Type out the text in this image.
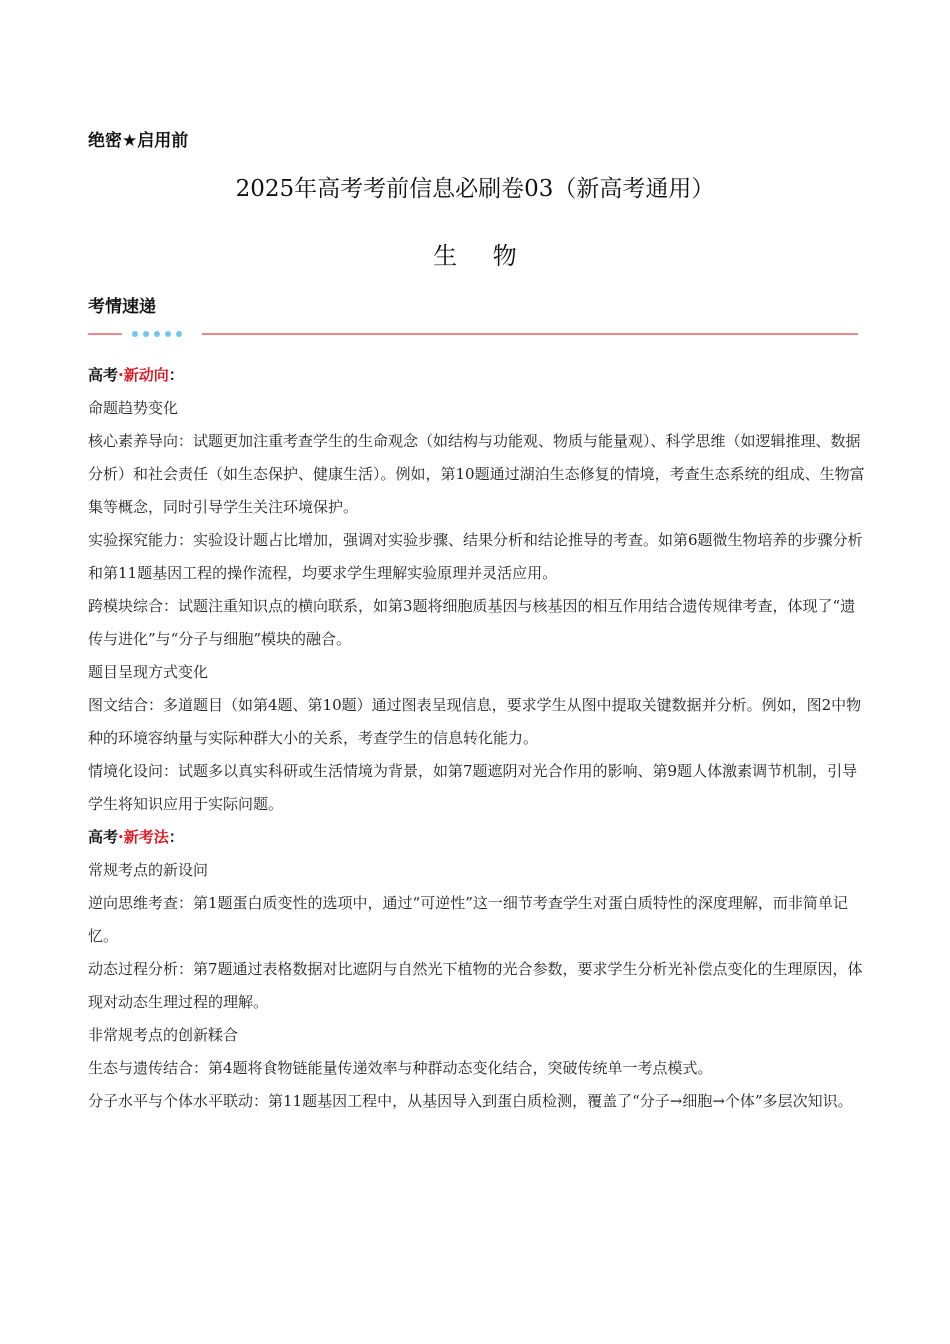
绝密★启用前
2025年高考考前信息必刷卷03（新高考通用）
生 物
考情速递

高考·新动向：

命题趋势变化

核心素养导向：试题更加注重考查学生的生命观念（如结构与功能观、物质与能量观）、科学思维（如逻辑推理、数据分析）和社会责任（如生态保护、健康生活）。例如，第10题通过湖泊生态修复的情境，考查生态系统的组成、生物富集等概念，同时引导学生关注环境保护。

实验探究能力：实验设计题占比增加，强调对实验步骤、结果分析和结论推导的考查。如第6题微生物培养的步骤分析和第11题基因工程的操作流程，均要求学生理解实验原理并灵活应用。

跨模块综合：试题注重知识点的横向联系，如第3题将细胞质基因与核基因的相互作用结合遗传规律考查，体现了“遗传与进化”与“分子与细胞”模块的融合。

题目呈现方式变化

图文结合：多道题目（如第4题、第10题）通过图表呈现信息，要求学生从图中提取关键数据并分析。例如，图2中物种的环境容纳量与实际种群大小的关系，考查学生的信息转化能力。

情境化设问：试题多以真实科研或生活情境为背景，如第7题遮阴对光合作用的影响、第9题人体激素调节机制，引导学生将知识应用于实际问题。

高考·新考法：

常规考点的新设问

逆向思维考查：第1题蛋白质变性的选项中，通过“可逆性”这一细节考查学生对蛋白质特性的深度理解，而非简单记忆。

动态过程分析：第7题通过表格数据对比遮阴与自然光下植物的光合参数，要求学生分析光补偿点变化的生理原因，体现对动态生理过程的理解。

非常规考点的创新糅合

生态与遗传结合：第4题将食物链能量传递效率与种群动态变化结合，突破传统单一考点模式。

分子水平与个体水平联动：第11题基因工程中，从基因导入到蛋白质检测，覆盖了“分子→细胞→个体”多层次知识。
